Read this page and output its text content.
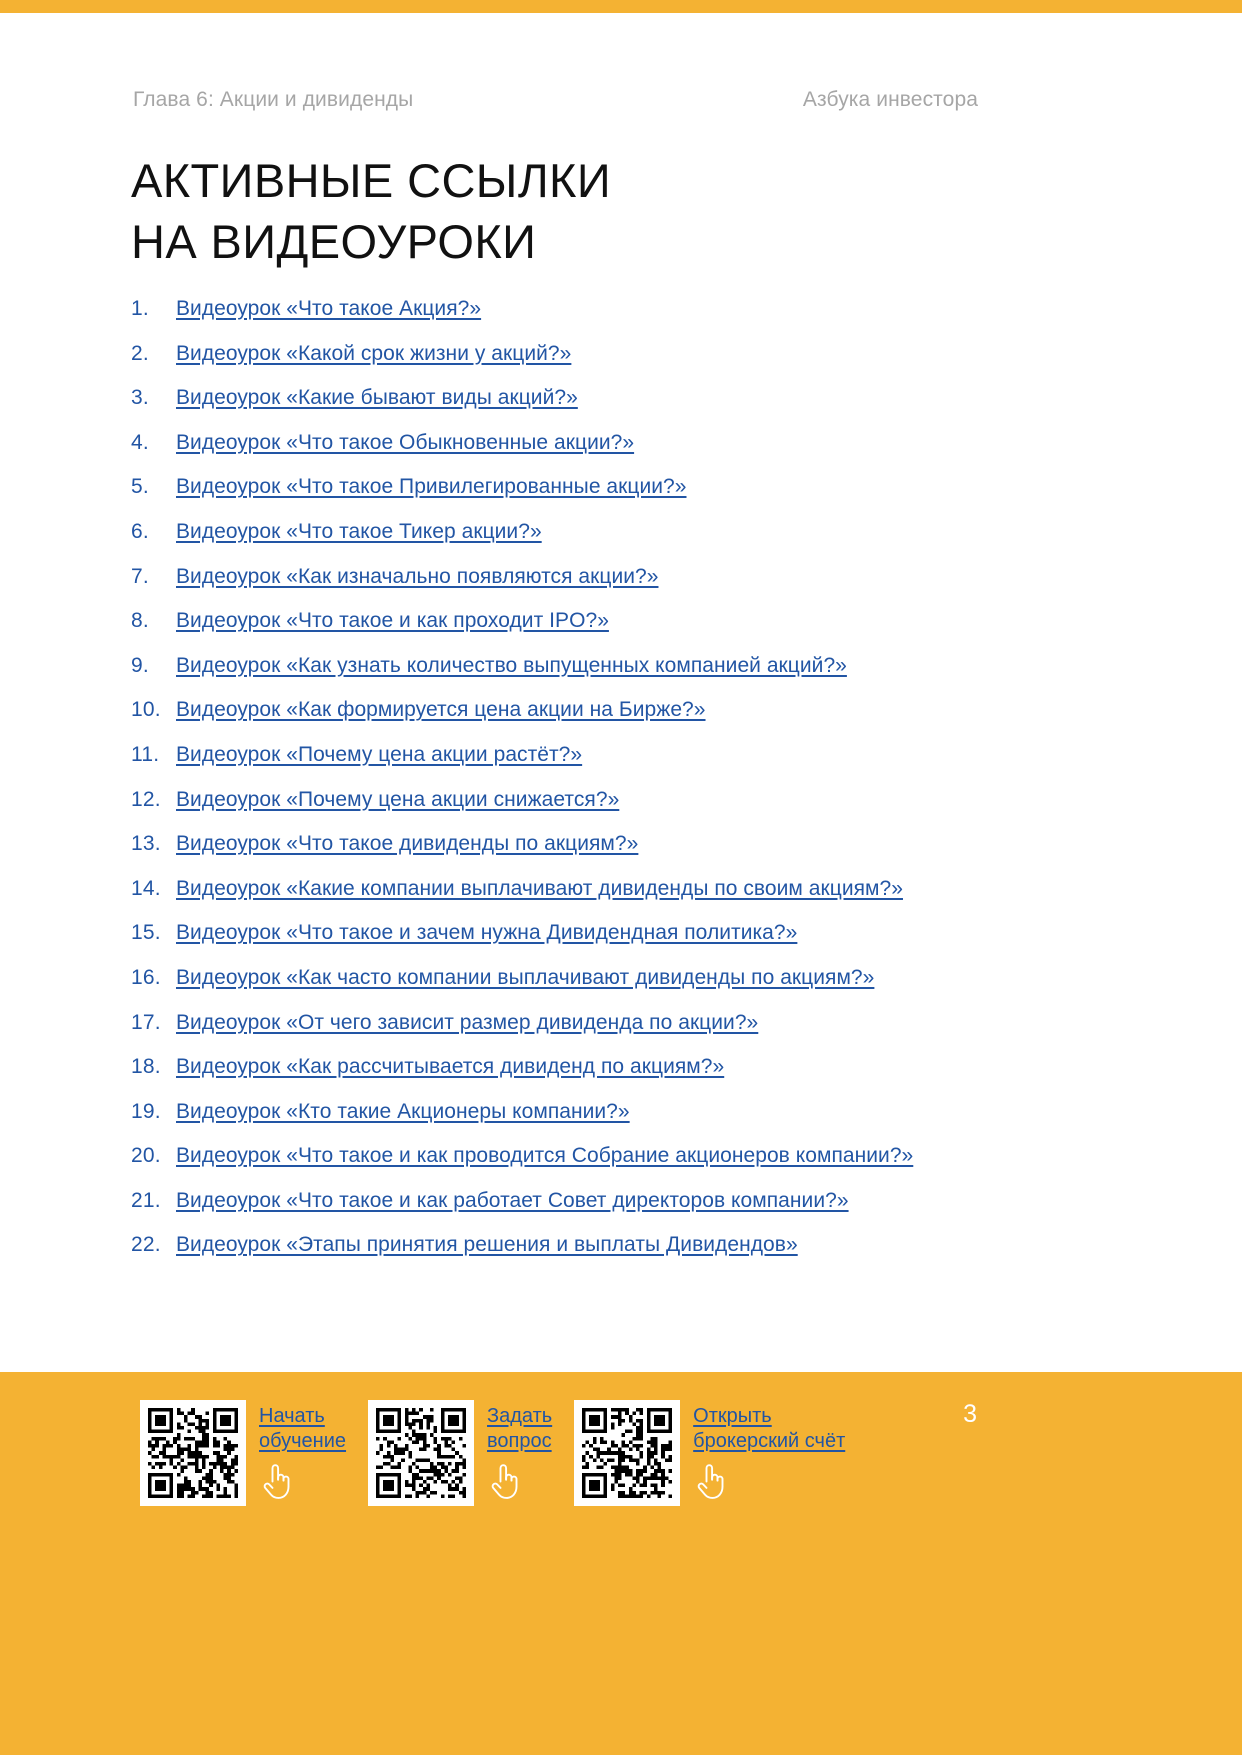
Глава 6: Акции и дивиденды	Азбука инвестора
АКТИВНЫЕ ССЫЛКИ
НА ВИДЕОУРОКИ
1.	Видеоурок «Что такое Акция?»
2.	Видеоурок «Какой срок жизни у акций?»
3.	Видеоурок «Какие бывают виды акций?»
4.	Видеоурок «Что такое Обыкновенные акции?»
5.	Видеоурок «Что такое Привилегированные акции?»
6.	Видеоурок «Что такое Тикер акции?»
7.	Видеоурок «Как изначально появляются акции?»
8.	Видеоурок «Что такое и как проходит IPO?»
9.	Видеоурок «Как узнать количество выпущенных компанией акций?»
10. Видеоурок «Как формируется цена акции на Бирже?»
11. Видеоурок «Почему цена акции растёт?»
12. Видеоурок «Почему цена акции снижается?»
13. Видеоурок «Что такое дивиденды по акциям?»
14. Видеоурок «Какие компании выплачивают дивиденды по своим акциям?»
15. Видеоурок «Что такое и зачем нужна Дивидендная политика?»
16. Видеоурок «Как часто компании выплачивают дивиденды по акциям?»
17. Видеоурок «От чего зависит размер дивиденда по акции?»
18. Видеоурок «Как рассчитывается дивиденд по акциям?»
19. Видеоурок «Кто такие Акционеры компании?»
20. Видеоурок «Что такое и как проводится Собрание акционеров компании?»
21. Видеоурок «Что такое и как работает Совет директоров компании?»
22. Видеоурок «Этапы принятия решения и выплаты Дивидендов»
3
Начать
обучение
Задать
вопрос
Открыть
брокерский счёт
